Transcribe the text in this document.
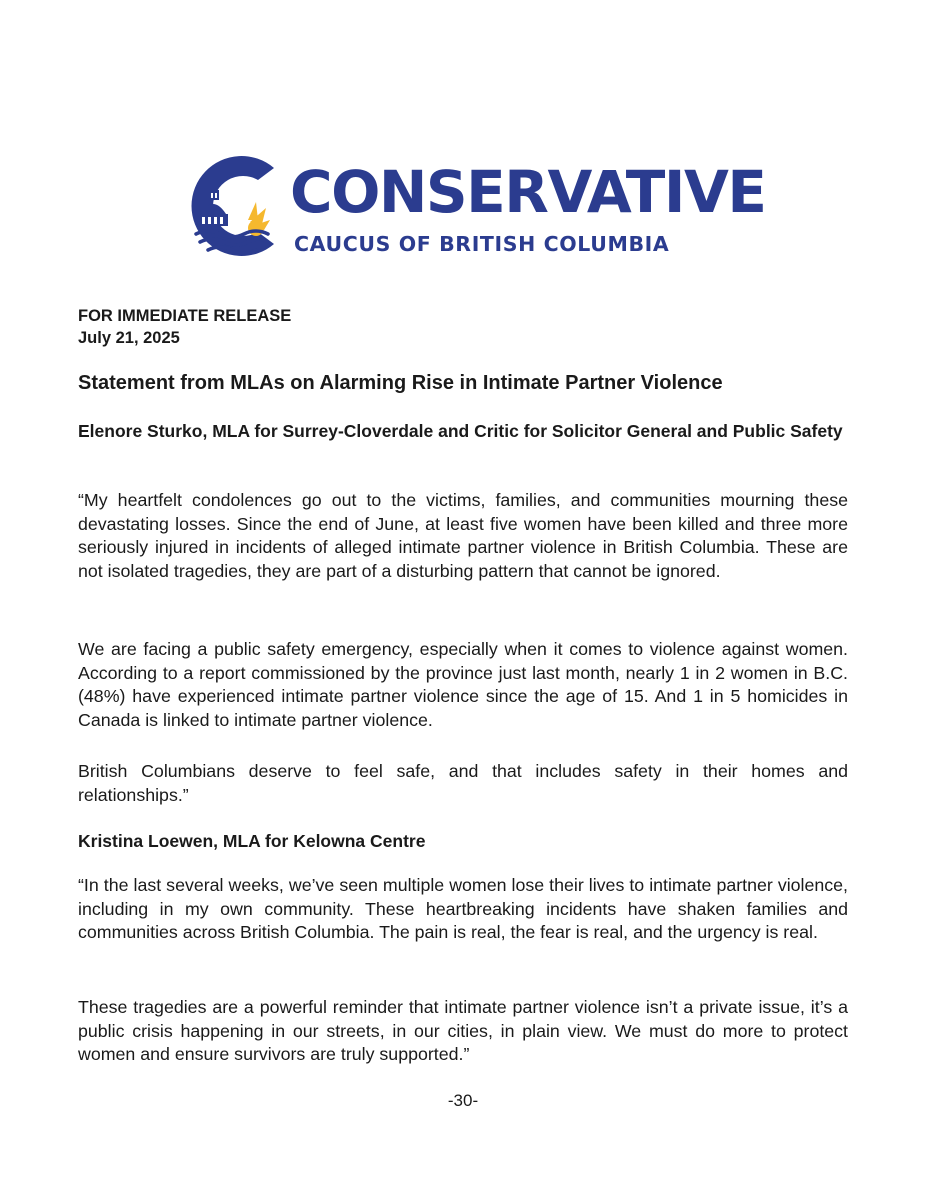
CONSERVATIVE
CAUCUS OF BRITISH COLUMBIA
FOR IMMEDIATE RELEASE
July 21, 2025
Statement from MLAs on Alarming Rise in Intimate Partner Violence
Elenore Sturko, MLA for Surrey-Cloverdale and Critic for Solicitor General and Public Safety

“My heartfelt condolences go out to the victims, families, and communities mourning these devastating losses. Since the end of June, at least five women have been killed and three more seriously injured in incidents of alleged intimate partner violence in British Columbia. These are not isolated tragedies, they are part of a disturbing pattern that cannot be ignored.

We are facing a public safety emergency, especially when it comes to violence against women. According to a report commissioned by the province just last month, nearly 1 in 2 women in B.C. (48%) have experienced intimate partner violence since the age of 15. And 1 in 5 homicides in Canada is linked to intimate partner violence.

British Columbians deserve to feel safe, and that includes safety in their homes and relationships.”

Kristina Loewen, MLA for Kelowna Centre

“In the last several weeks, we’ve seen multiple women lose their lives to intimate partner violence, including in my own community. These heartbreaking incidents have shaken families and communities across British Columbia. The pain is real, the fear is real, and the urgency is real.

These tragedies are a powerful reminder that intimate partner violence isn’t a private issue, it’s a public crisis happening in our streets, in our cities, in plain view. We must do more to protect women and ensure survivors are truly supported.”

-30-
